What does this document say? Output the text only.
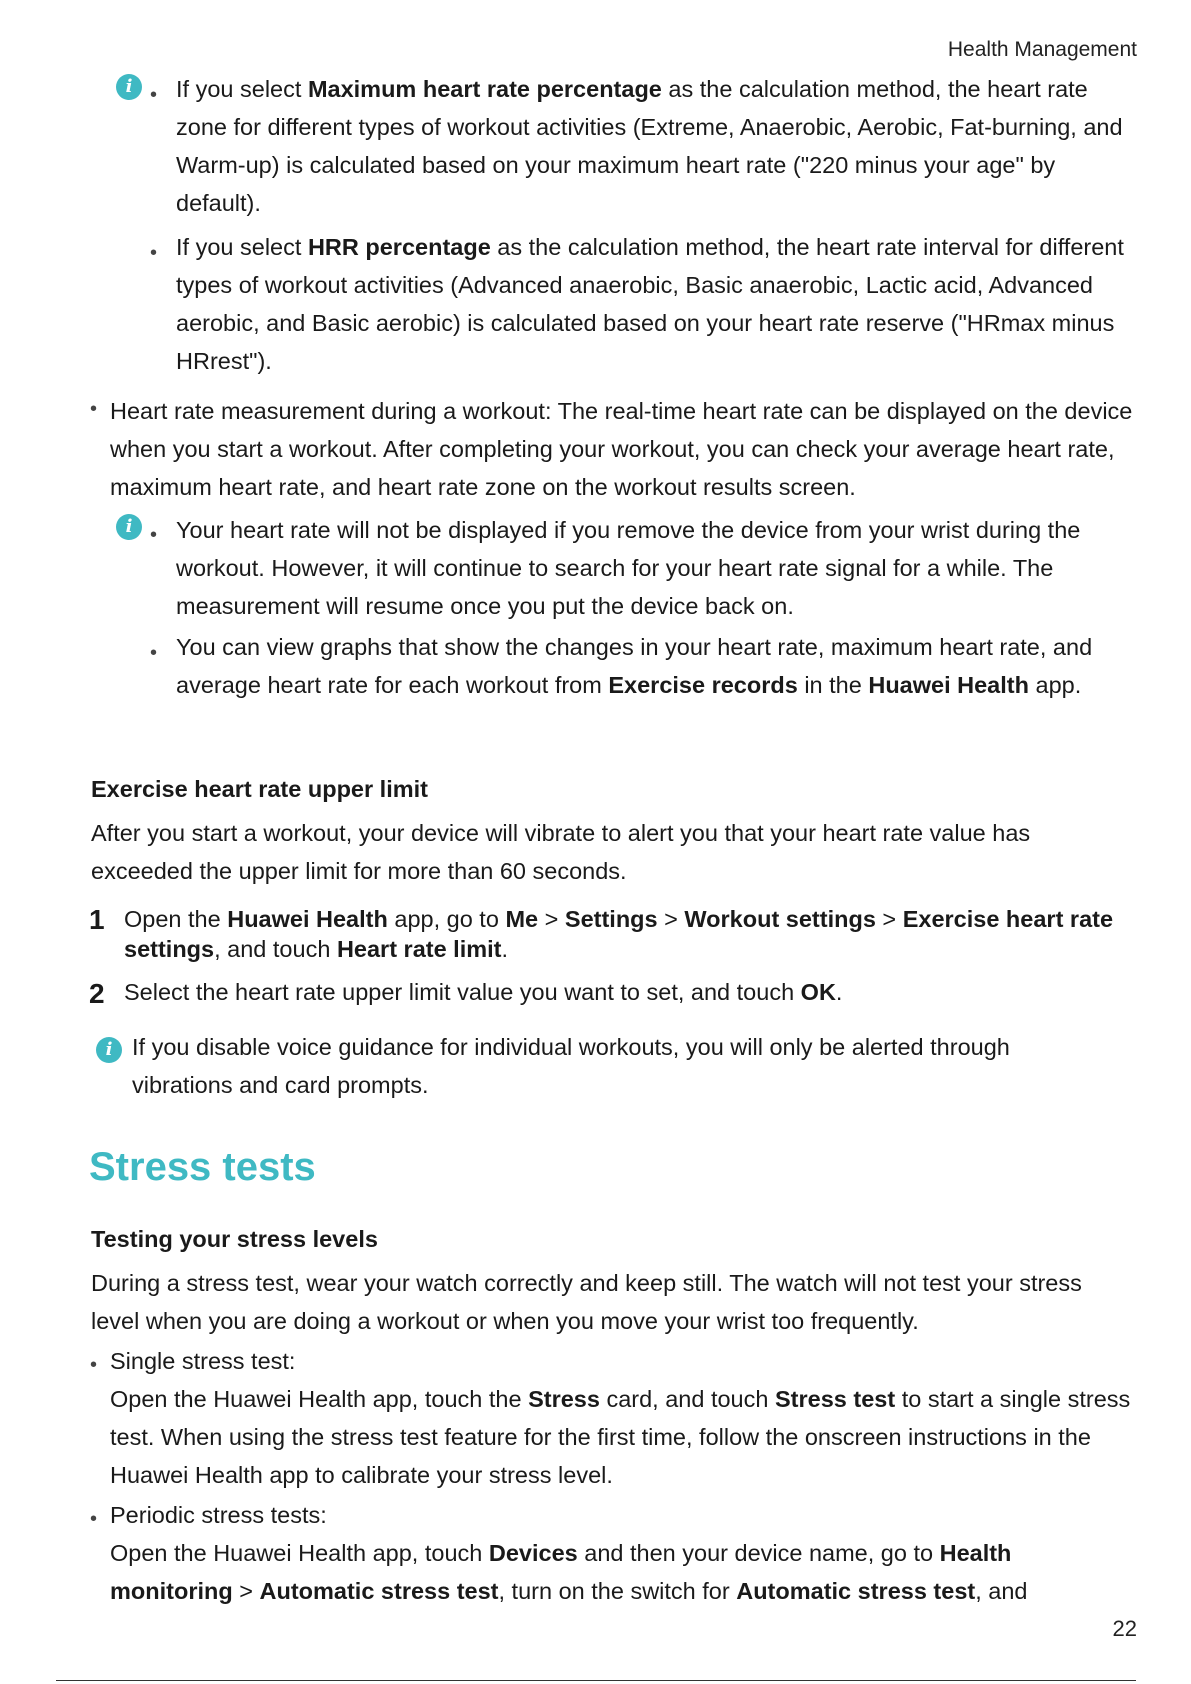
Health Management
i • If you select Maximum heart rate percentage as the calculation method, the heart rate zone for different types of workout activities (Extreme, Anaerobic, Aerobic, Fat-burning, and Warm-up) is calculated based on your maximum heart rate ("220 minus your age" by default).
• If you select HRR percentage as the calculation method, the heart rate interval for different types of workout activities (Advanced anaerobic, Basic anaerobic, Lactic acid, Advanced aerobic, and Basic aerobic) is calculated based on your heart rate reserve ("HRmax minus HRrest").
• Heart rate measurement during a workout: The real-time heart rate can be displayed on the device when you start a workout. After completing your workout, you can check your average heart rate, maximum heart rate, and heart rate zone on the workout results screen.
i • Your heart rate will not be displayed if you remove the device from your wrist during the workout. However, it will continue to search for your heart rate signal for a while. The measurement will resume once you put the device back on.
• You can view graphs that show the changes in your heart rate, maximum heart rate, and average heart rate for each workout from Exercise records in the Huawei Health app.
Exercise heart rate upper limit
After you start a workout, your device will vibrate to alert you that your heart rate value has exceeded the upper limit for more than 60 seconds.
1 Open the Huawei Health app, go to Me > Settings > Workout settings > Exercise heart rate settings, and touch Heart rate limit.
2 Select the heart rate upper limit value you want to set, and touch OK.
i If you disable voice guidance for individual workouts, you will only be alerted through vibrations and card prompts.
Stress tests
Testing your stress levels
During a stress test, wear your watch correctly and keep still. The watch will not test your stress level when you are doing a workout or when you move your wrist too frequently.
• Single stress test:
Open the Huawei Health app, touch the Stress card, and touch Stress test to start a single stress test. When using the stress test feature for the first time, follow the onscreen instructions in the Huawei Health app to calibrate your stress level.
• Periodic stress tests:
Open the Huawei Health app, touch Devices and then your device name, go to Health monitoring > Automatic stress test, turn on the switch for Automatic stress test, and
22
